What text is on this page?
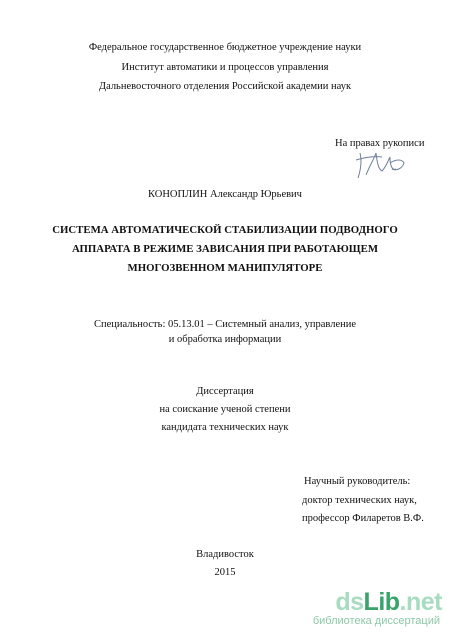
Федеральное государственное бюджетное учреждение науки
Институт автоматики и процессов управления
Дальневосточного отделения Российской академии наук
На правах рукописи
КОНОПЛИН Александр Юрьевич
СИСТЕМА АВТОМАТИЧЕСКОЙ СТАБИЛИЗАЦИИ ПОДВОДНОГО
АППАРАТА В РЕЖИМЕ ЗАВИСАНИЯ ПРИ РАБОТАЮЩЕМ
МНОГОЗВЕННОМ МАНИПУЛЯТОРЕ
Специальность: 05.13.01 – Системный анализ, управление
и обработка информации
Диссертация
на соискание ученой степени
кандидата технических наук
Научный руководитель:
доктор технических наук,
профессор Филаретов В.Ф.
Владивосток
2015
dsLib.net
библиотека диссертаций
